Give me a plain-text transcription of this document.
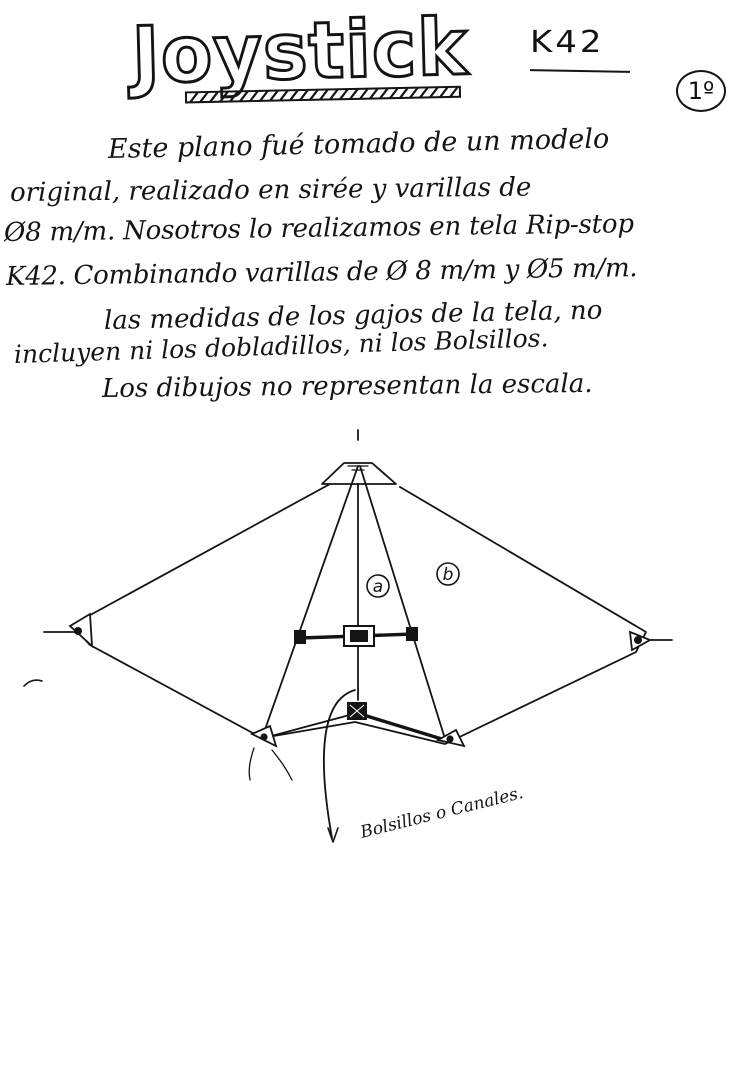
Joystick K42
1º
Este plano fué tomado de un modelo
original, realizado en sirée y varillas de
Ø8 m/m. Nosotros lo realizamos en tela Rip-stop
K42. Combinando varillas de Ø 8 m/m y Ø5 m/m.
las medidas de los gajos de la tela, no
incluyen ni los dobladillos, ni los Bolsillos.
Los dibujos no representan la escala.
a
b
Bolsillos o Canales.
